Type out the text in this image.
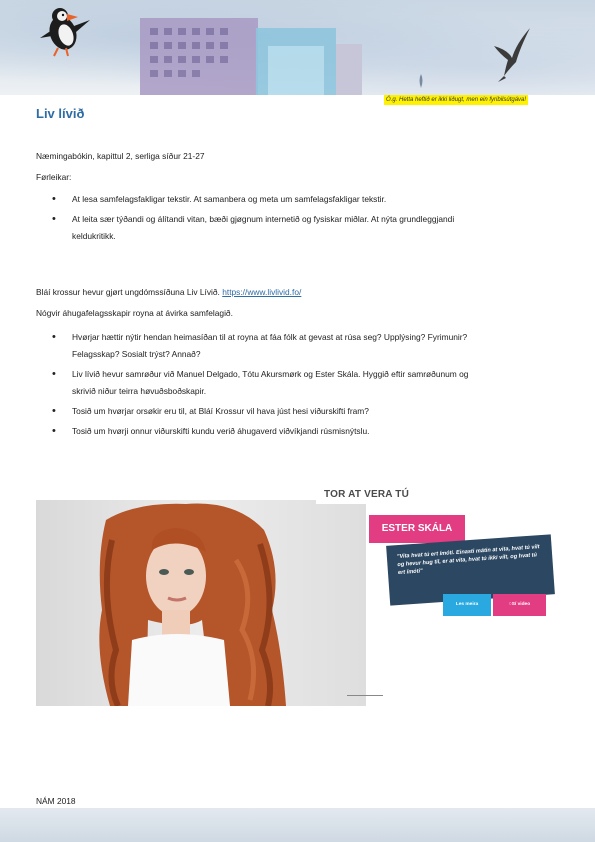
Ó.g. Hetta heftið er ikki liðugt, men ein fyribilsútgáva!
Liv lívið

Næmingabókin, kapittul 2, serliga síður 21-27

Førleikar:

• At lesa samfelagsfakligar tekstir. At samanbera og meta um samfelagsfakligar tekstir.
• At leita sær týðandi og álítandi vitan, bæði gjøgnum internetið og fysiskar miðlar. At nýta grundleggjandi
keldukritikk.

Bláí krossur hevur gjørt ungdómssíðuna Liv Lívið. https://www.livlivid.fo/

Nógvir áhugafelagsskapir royna at ávirka samfelagið.

• Hvørjar hættir nýtir hendan heimasíðan til at royna at fáa fólk at gevast at rúsa seg? Upplýsing? Fyrimunir?
Felagsskap? Sosialt trýst? Annað?
• Liv lívið hevur samrøður við Manuel Delgado, Tótu Akursmørk og Ester Skála. Hyggið eftir samrøðunum og
skrivið niður teirra høvuðsboðskapir.
• Tosið um hvørjar orsøkir eru til, at Bláí Krossur vil hava júst hesi viðurskifti fram?
• Tosið um hvørji onnur viðurskifti kundu verið áhugaverd viðvíkjandi rúsmisnýtslu.
TOR AT VERA TÚ
ESTER SKÁLA
"Vita hvat tú ert ímóti. Einasti mátin at vita, hvat tú vilt og hevur hug til, er at vita, hvat tú ikki vilt, og hvat tú ert ímóti"
Les meira	○Sí video

NÁM 2018
